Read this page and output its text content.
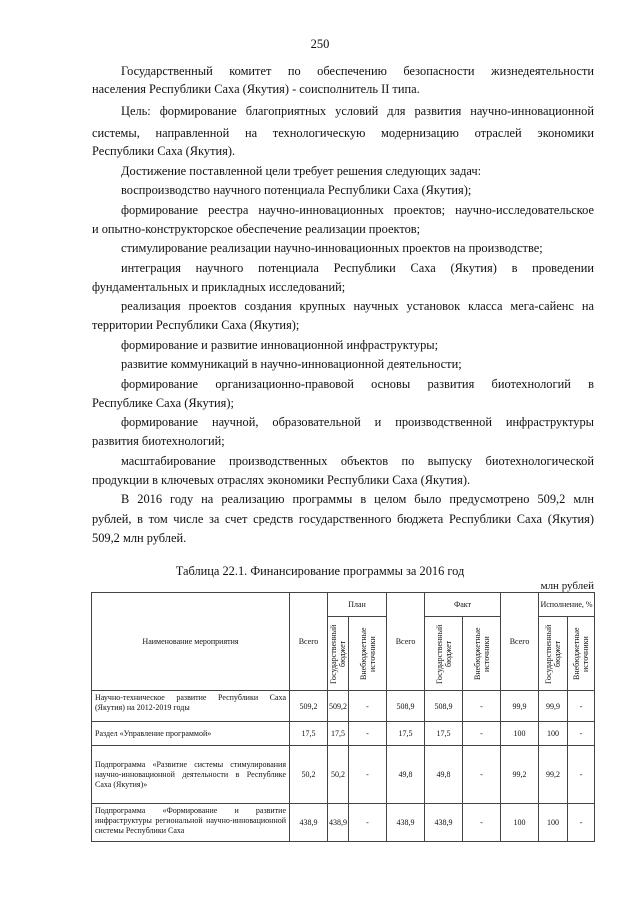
250
Государственный комитет по обеспечению безопасности жизнедеятельности
населения Республики Саха (Якутия) - соисполнитель II типа.
Цель: формирование благоприятных условий для развития научно-инновационной
системы, направленной на технологическую модернизацию отраслей экономики
Республики Саха (Якутия).
Достижение поставленной цели требует решения следующих задач:
воспроизводство научного потенциала Республики Саха (Якутия);
формирование реестра научно-инновационных проектов; научно-исследовательское
и опытно-конструкторское обеспечение реализации проектов;
стимулирование реализации научно-инновационных проектов на производстве;
интеграция научного потенциала Республики Саха (Якутия) в проведении
фундаментальных и прикладных исследований;
реализация проектов создания крупных научных установок класса мега-сайенс на
территории Республики Саха (Якутия);
формирование и развитие инновационной инфраструктуры;
развитие коммуникаций в научно-инновационной деятельности;
формирование организационно-правовой основы развития биотехнологий в
Республике Саха (Якутия);
формирование научной, образовательной и производственной инфраструктуры
развития биотехнологий;
масштабирование производственных объектов по выпуску биотехнологической
продукции в ключевых отраслях экономики Республики Саха (Якутия).
В 2016 году на реализацию программы в целом было предусмотрено 509,2 млн
рублей, в том числе за счет средств государственного бюджета Республики Саха (Якутия)
509,2 млн рублей.
Таблица 22.1. Финансирование программы за 2016 год
млн рублей
Наименование мероприятия	Всего	План		Всего	Факт		Всего	Исполнение, %	

		Государственный бюджет	Внебюджетные источники		Государственный бюджет	Внебюджетные источники		Государственный бюджет	Внебюджетные источники

Научно-техническое развитие Республики Саха (Якутия) на 2012-2019 годы	509,2	509,2	-	508,9	508,9	-	99,9	99,9	-
Раздел «Управление программой»	17,5	17,5	-	17,5	17,5	-	100	100	-
Подпрограмма «Развитие системы стимулирования научно-инновационной деятельности в Республике Саха (Якутия)»	50,2	50,2	-	49,8	49,8	-	99,2	99,2	-
Подпрограмма «Формирование и развитие инфраструктуры региональной научно-инновационной системы Республики Саха	438,9	438,9	-	438,9	438,9	-	100	100	-
